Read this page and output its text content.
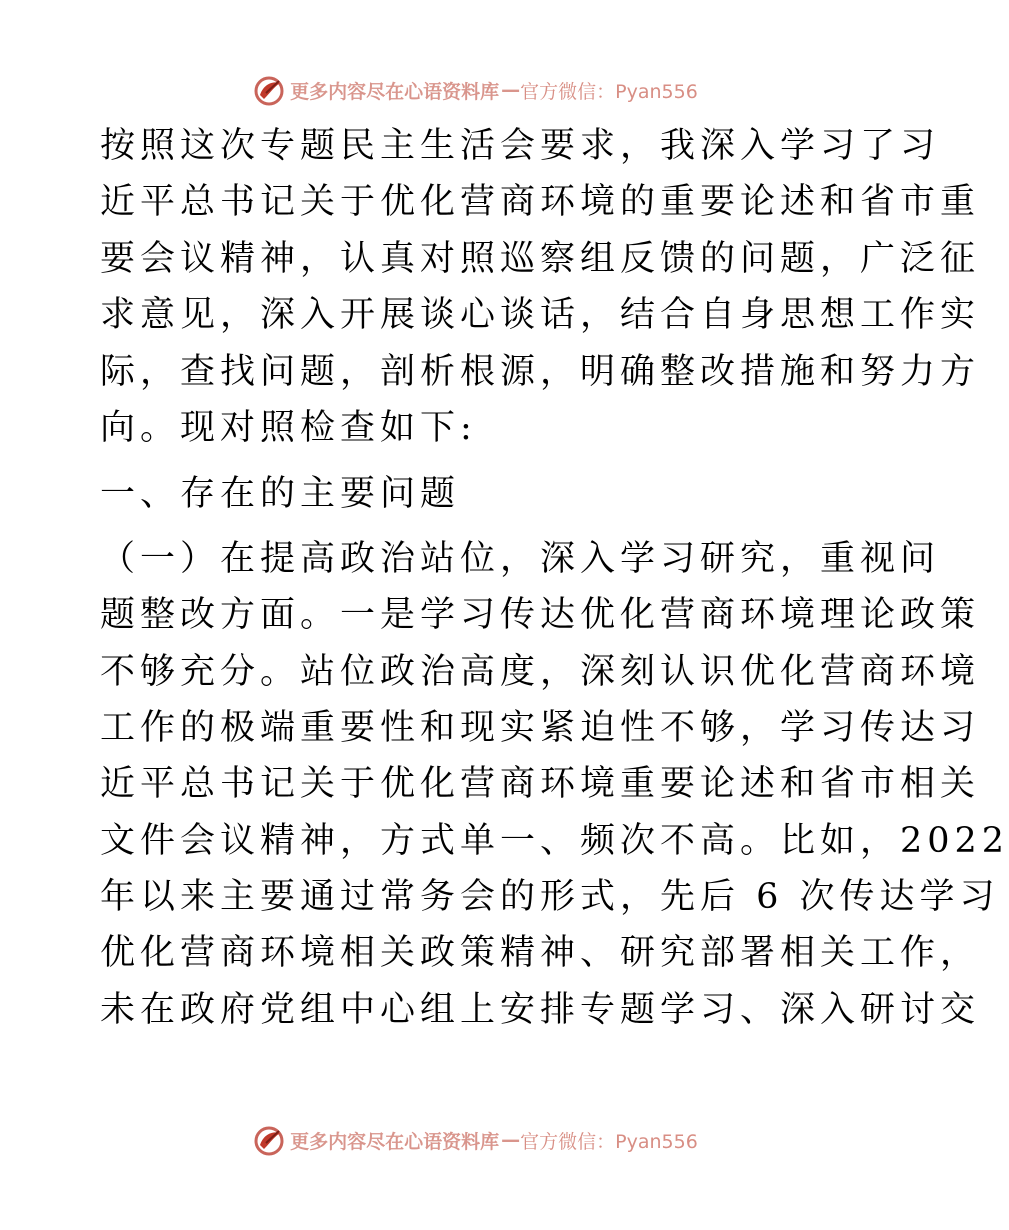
更多内容尽在心语资料库 — 官方微信：Pyan556
按照这次专题民主生活会要求，我深入学习了习
近平总书记关于优化营商环境的重要论述和省市重
要会议精神，认真对照巡察组反馈的问题，广泛征
求意见，深入开展谈心谈话，结合自身思想工作实
际，查找问题，剖析根源，明确整改措施和努力方
向。现对照检查如下:
一、存在的主要问题
（一）在提高政治站位，深入学习研究，重视问
题整改方面。一是学习传达优化营商环境理论政策
不够充分。站位政治高度，深刻认识优化营商环境
工作的极端重要性和现实紧迫性不够，学习传达习
近平总书记关于优化营商环境重要论述和省市相关
文件会议精神，方式单一、频次不高。比如，2022
年以来主要通过常务会的形式，先后 6 次传达学习
优化营商环境相关政策精神、研究部署相关工作，
未在政府党组中心组上安排专题学习、深入研讨交
更多内容尽在心语资料库 — 官方微信：Pyan556
